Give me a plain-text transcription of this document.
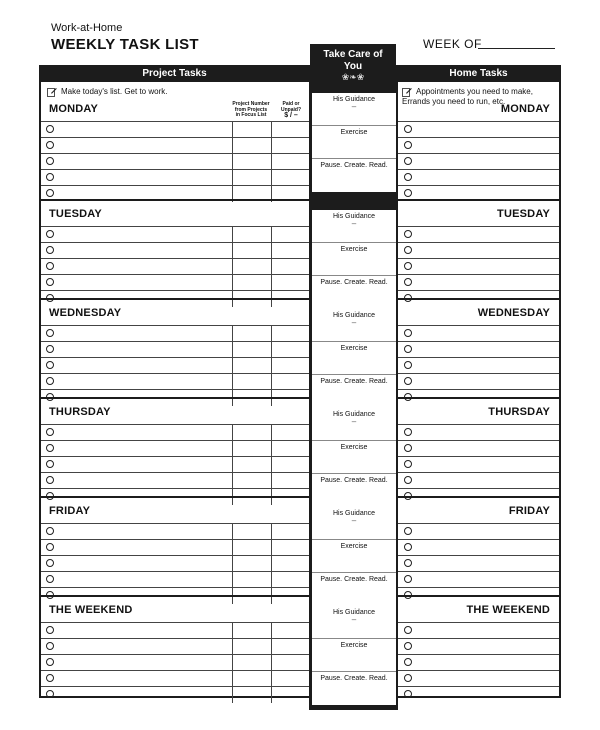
Work-at-Home
WEEKLY TASK LIST	WEEK OF
Take Care of You
❀❧❀
Project Tasks	Home Tasks
Make today's list. Get to work.
Project Number from Projects in Focus List
Paid or Unpaid?
$ / –
MONDAY
Appointments you need to make, Errands you need to run, etc.
MONDAY
His Guidance
–
Exercise
Pause. Create. Read.
TUESDAY	TUESDAY
His Guidance
–
Exercise
Pause. Create. Read.
WEDNESDAY	WEDNESDAY
His Guidance
–
Exercise
Pause. Create. Read.
THURSDAY	THURSDAY
His Guidance
–
Exercise
Pause. Create. Read.
FRIDAY	FRIDAY
His Guidance
–
Exercise
Pause. Create. Read.
THE WEEKEND	THE WEEKEND
His Guidance
–
Exercise
Pause. Create. Read.
